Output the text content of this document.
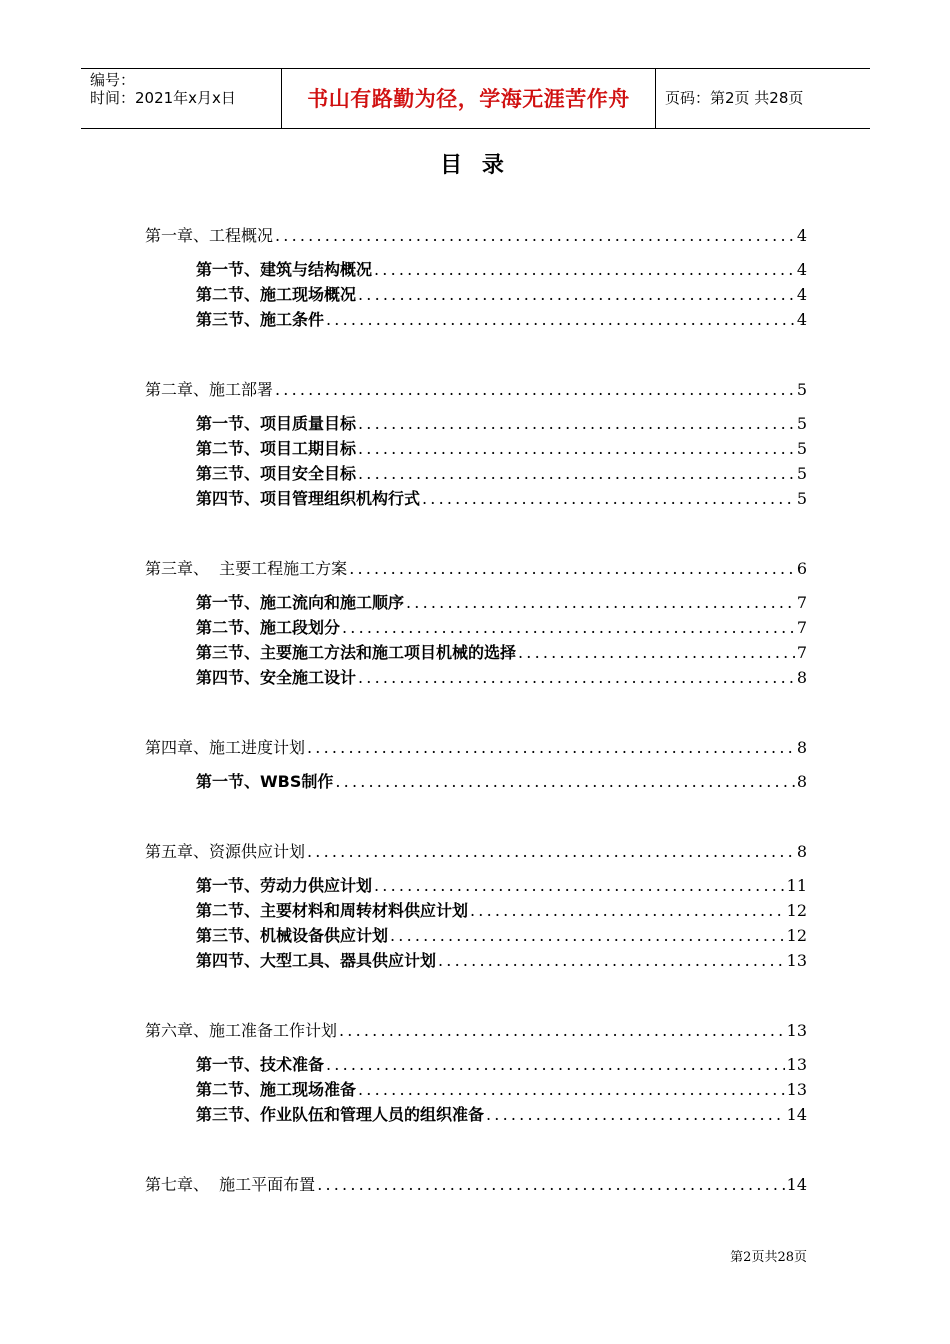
编号：
时间：2021年x月x日	书山有路勤为径，学海无涯苦作舟	页码：第2页 共28页
目 录
第一章、工程概况 .....	4
第一节、建筑与结构概况 .....	4
第二节、施工现场概况 .....	4
第三节、施工条件 .....	4
第二章、施工部署 .....	5
第一节、项目质量目标 .....	5
第二节、项目工期目标 .....	5
第三节、项目安全目标 .....	5
第四节、项目管理组织机构行式 .....	5
第三章、  主要工程施工方案 .....	6
第一节、施工流向和施工顺序 .....	7
第二节、施工段划分 .....	7
第三节、主要施工方法和施工项目机械的选择 .....	7
第四节、安全施工设计 .....	8
第四章、施工进度计划 .....	8
第一节、WBS制作 .....	8
第五章、资源供应计划 .....	8
第一节、劳动力供应计划 .....	11
第二节、主要材料和周转材料供应计划 .....	12
第三节、机械设备供应计划 .....	12
第四节、大型工具、器具供应计划 .....	13
第六章、施工准备工作计划 .....	13
第一节、技术准备 .....	13
第二节、施工现场准备 .....	13
第三节、作业队伍和管理人员的组织准备 .....	14
第七章、  施工平面布置 .....	14
第2页共28页
